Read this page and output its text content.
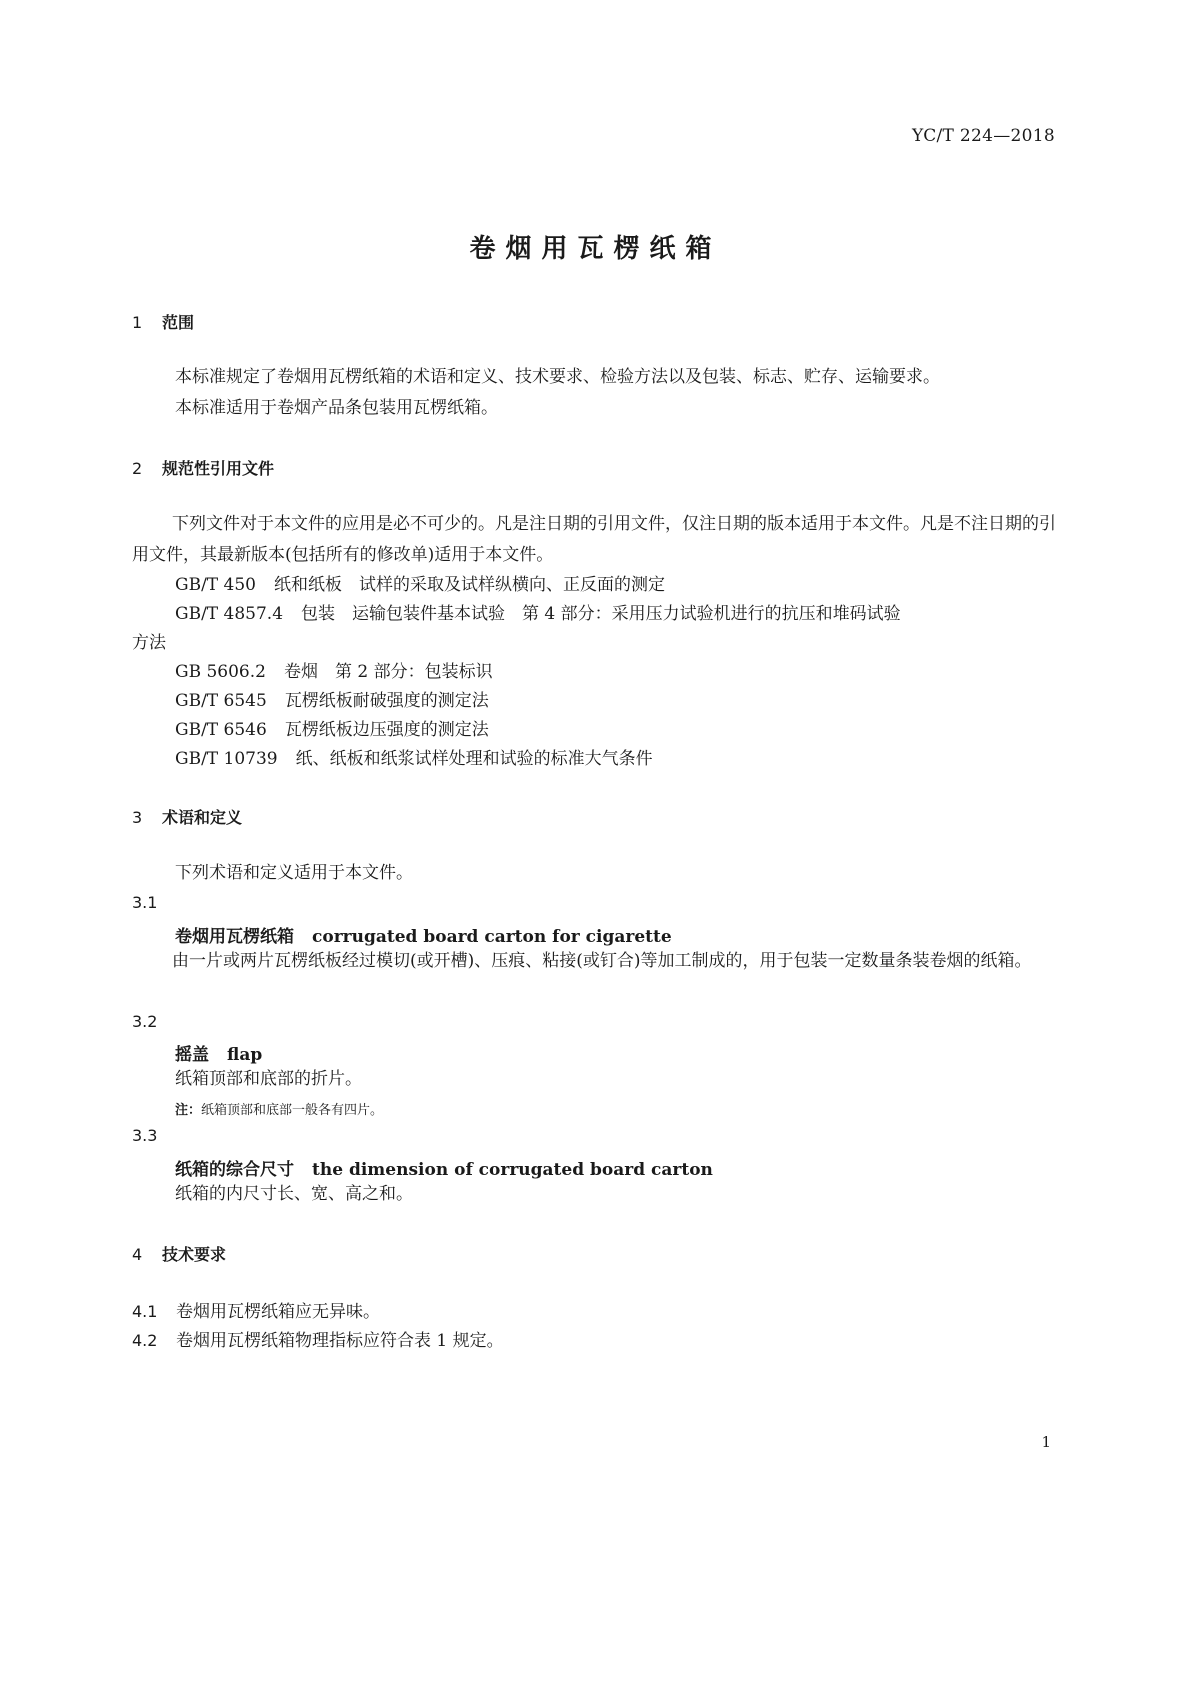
YC/T 224—2018
卷烟用瓦楞纸箱
1 范围
本标准规定了卷烟用瓦楞纸箱的术语和定义、技术要求、检验方法以及包装、标志、贮存、运输要求。
本标准适用于卷烟产品条包装用瓦楞纸箱。
2 规范性引用文件
下列文件对于本文件的应用是必不可少的。凡是注日期的引用文件，仅注日期的版本适用于本文件。凡是不注日期的引用文件，其最新版本(包括所有的修改单)适用于本文件。
GB/T 450 纸和纸板　试样的采取及试样纵横向、正反面的测定
GB/T 4857.4 包装　运输包装件基本试验　第 4 部分：采用压力试验机进行的抗压和堆码试验
方法
GB 5606.2 卷烟　第 2 部分：包装标识
GB/T 6545 瓦楞纸板耐破强度的测定法
GB/T 6546 瓦楞纸板边压强度的测定法
GB/T 10739 纸、纸板和纸浆试样处理和试验的标准大气条件
3 术语和定义
下列术语和定义适用于本文件。
3.1
卷烟用瓦楞纸箱 corrugated board carton for cigarette
由一片或两片瓦楞纸板经过模切(或开槽)、压痕、粘接(或钉合)等加工制成的，用于包装一定数量条装卷烟的纸箱。
3.2
摇盖 flap
纸箱顶部和底部的折片。
注：纸箱顶部和底部一般各有四片。
3.3
纸箱的综合尺寸 the dimension of corrugated board carton
纸箱的内尺寸长、宽、高之和。
4 技术要求
4.1 卷烟用瓦楞纸箱应无异味。
4.2 卷烟用瓦楞纸箱物理指标应符合表 1 规定。
1
